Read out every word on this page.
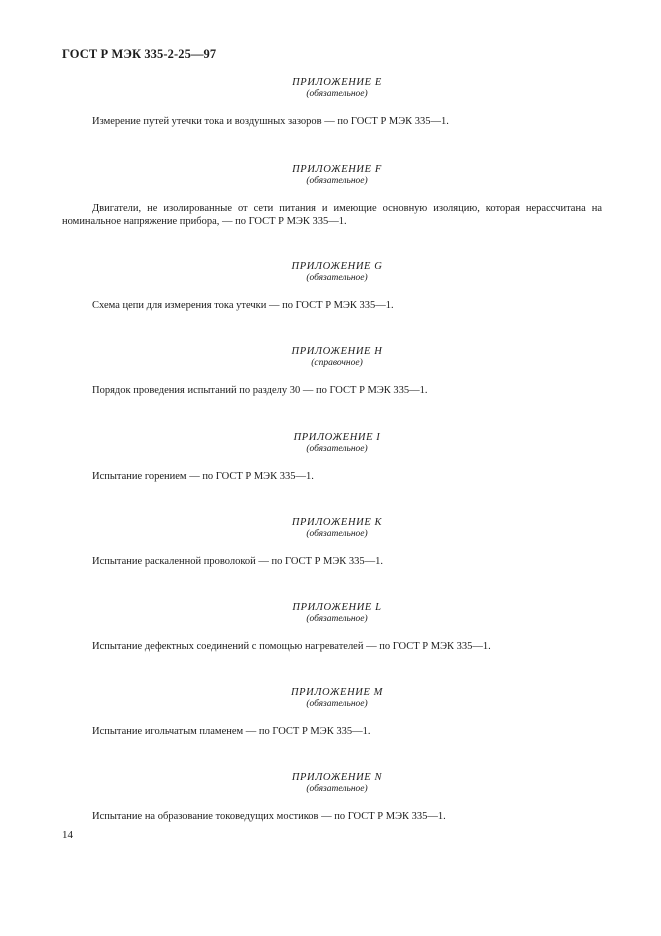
ГОСТ Р МЭК 335-2-25—97

ПРИЛОЖЕНИЕ Е

(обязательное)

Измерение путей утечки тока и воздушных зазоров — по ГОСТ Р МЭК 335—1.

ПРИЛОЖЕНИЕ F

(обязательное)

Двигатели, не изолированные от сети питания и имеющие основную изоляцию, которая нерассчитана на номинальное напряжение прибора, — по ГОСТ Р МЭК 335—1.

ПРИЛОЖЕНИЕ G

(обязательное)

Схема цепи для измерения тока утечки — по ГОСТ Р МЭК 335—1.

ПРИЛОЖЕНИЕ Н

(справочное)

Порядок проведения испытаний по разделу 30 — по ГОСТ Р МЭК 335—1.

ПРИЛОЖЕНИЕ I

(обязательное)

Испытание горением — по ГОСТ Р МЭК 335—1.

ПРИЛОЖЕНИЕ К

(обязательное)

Испытание раскаленной проволокой — по ГОСТ Р МЭК 335—1.

ПРИЛОЖЕНИЕ L

(обязательное)

Испытание дефектных соединений с помощью нагревателей — по ГОСТ Р МЭК 335—1.

ПРИЛОЖЕНИЕ М

(обязательное)

Испытание игольчатым пламенем — по ГОСТ Р МЭК 335—1.

ПРИЛОЖЕНИЕ N

(обязательное)

Испытание на образование токоведущих мостиков — по ГОСТ Р МЭК 335—1.

14
